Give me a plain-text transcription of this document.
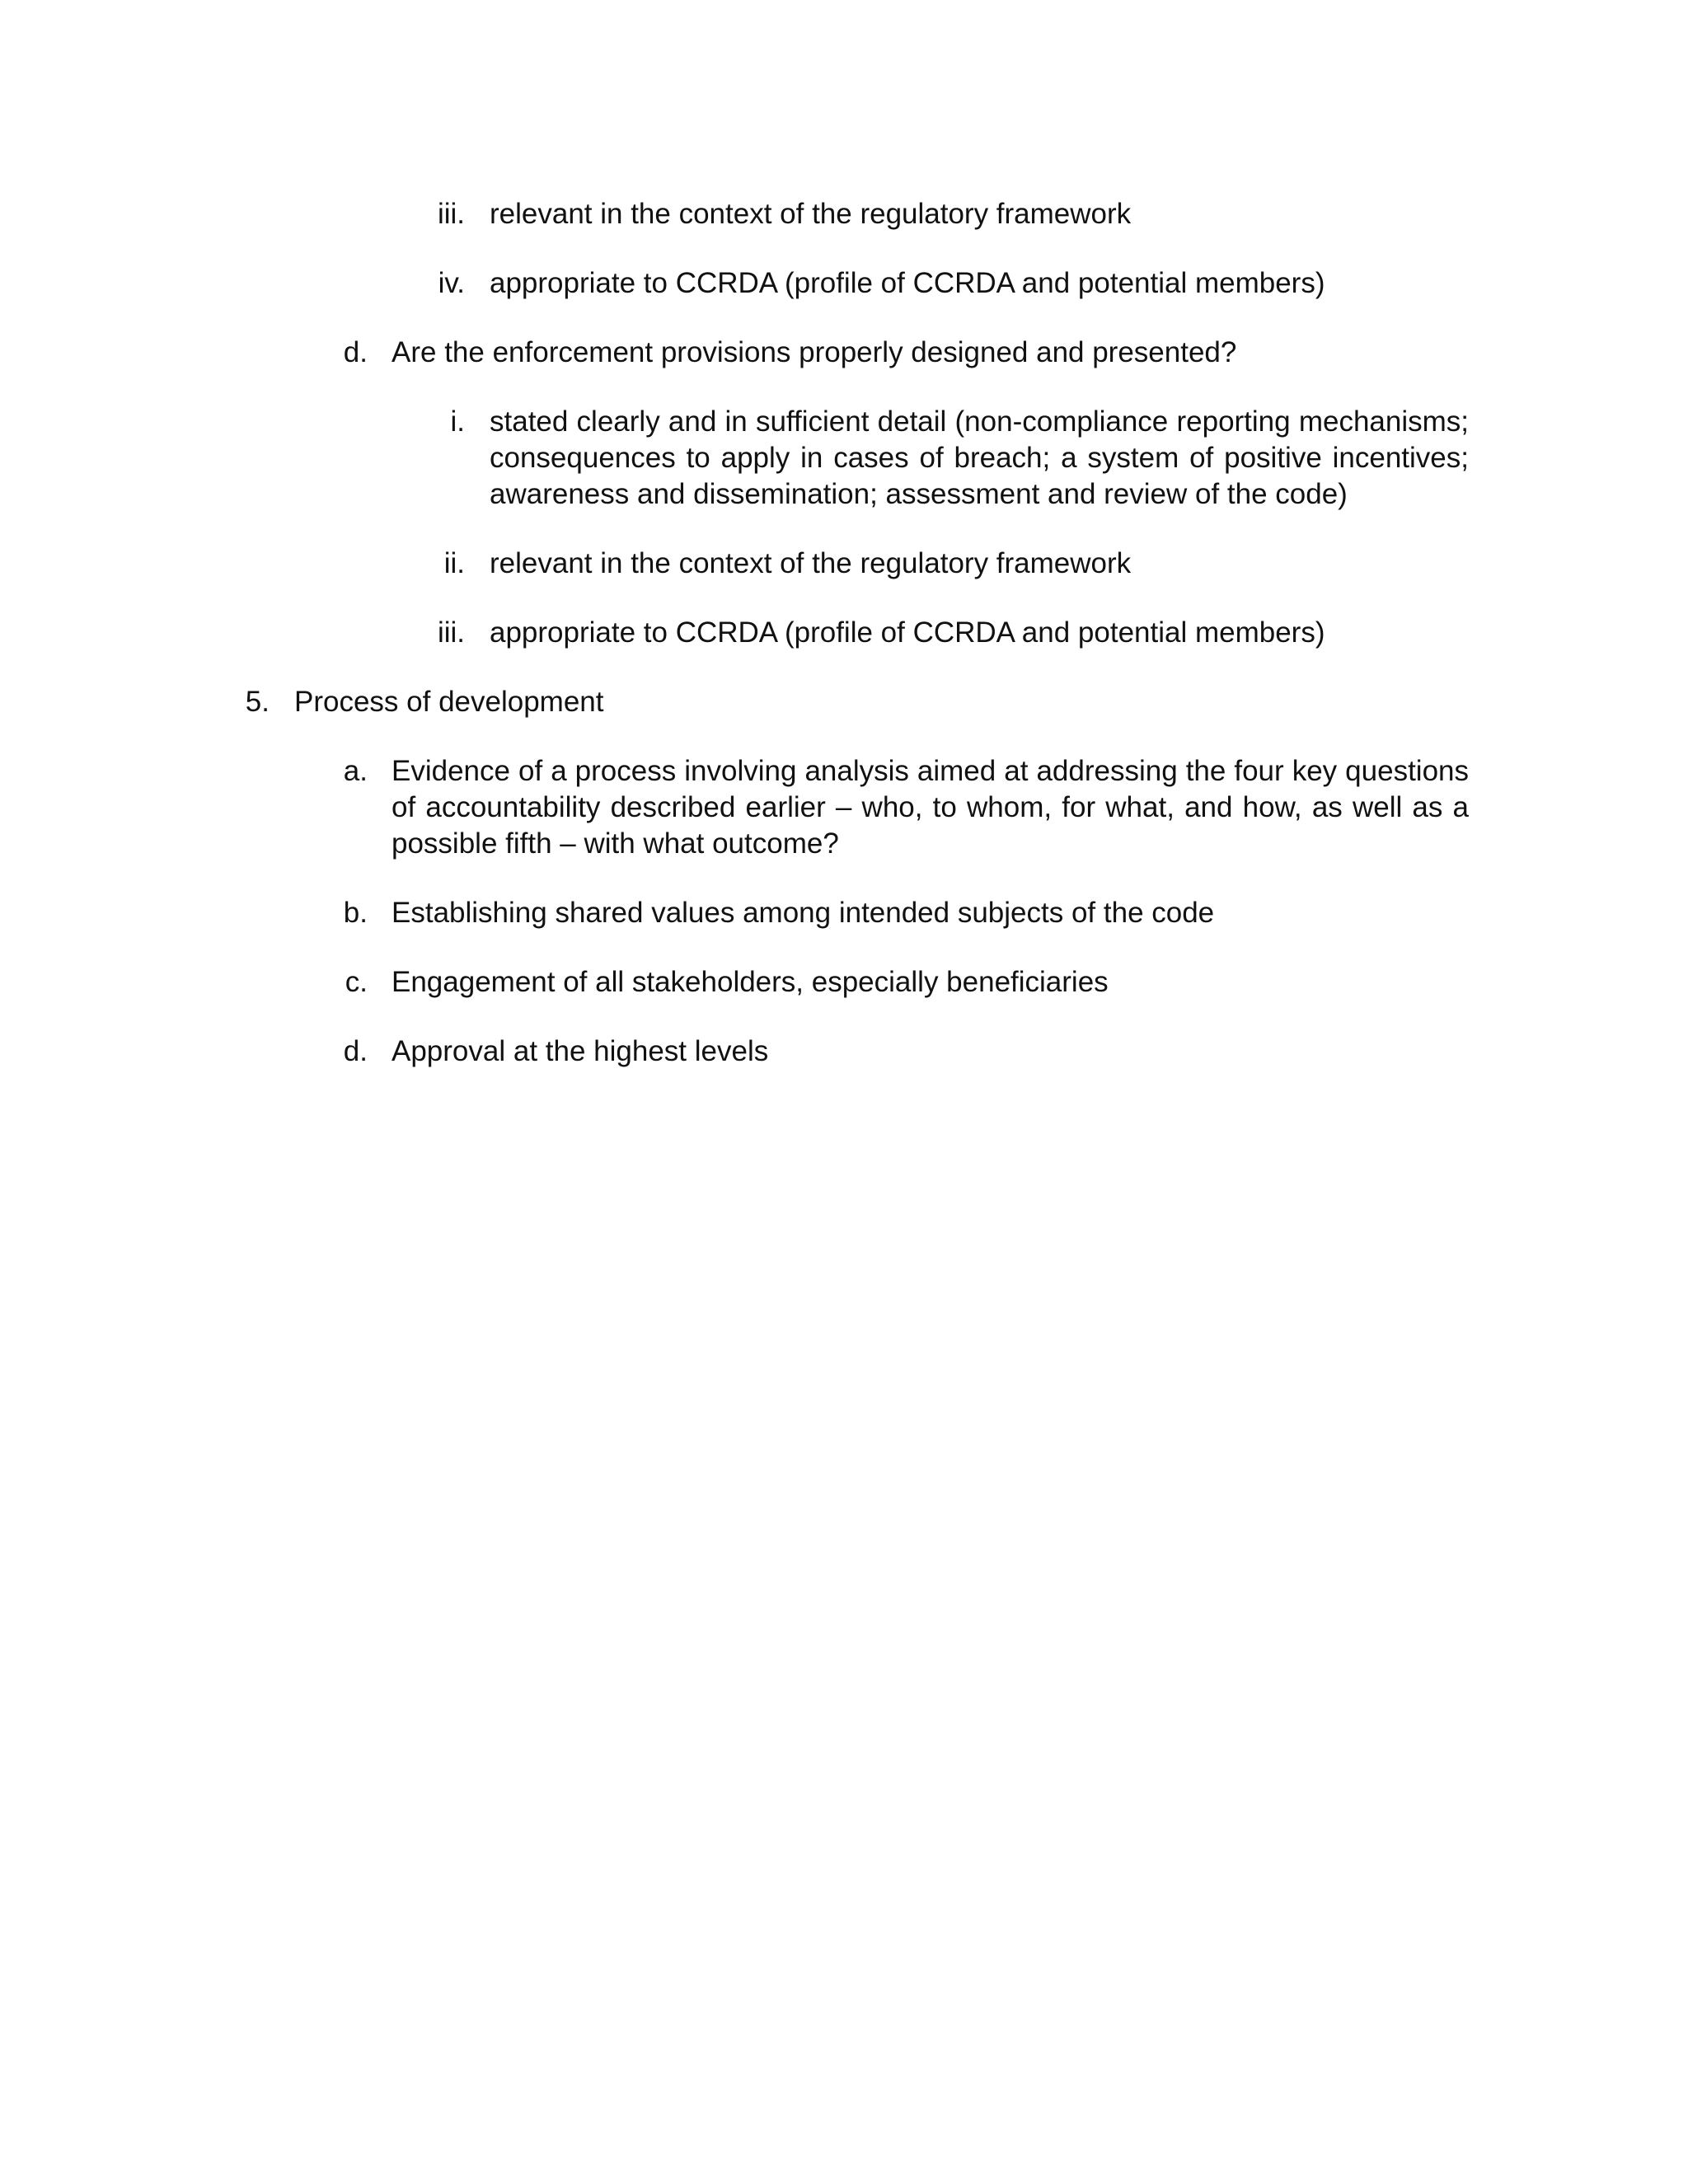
iii. relevant in the context of the regulatory framework
iv. appropriate to CCRDA (profile of CCRDA and potential members)
d. Are the enforcement provisions properly designed and presented?
i. stated clearly and in sufficient detail (non-compliance reporting mechanisms; consequences to apply in cases of breach; a system of positive incentives; awareness and dissemination; assessment and review of the code)
ii. relevant in the context of the regulatory framework
iii. appropriate to CCRDA (profile of CCRDA and potential members)
5. Process of development
a. Evidence of a process involving analysis aimed at addressing the four key questions of accountability described earlier – who, to whom, for what, and how, as well as a possible fifth – with what outcome?
b. Establishing shared values among intended subjects of the code
c. Engagement of all stakeholders, especially beneficiaries
d. Approval at the highest levels
